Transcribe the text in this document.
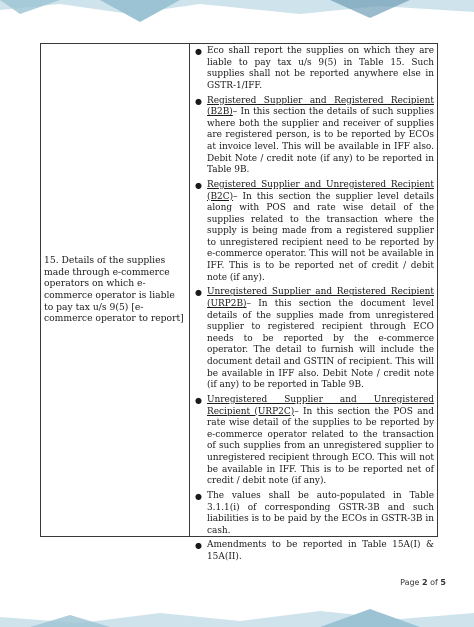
15. Details of the supplies made through e-commerce operators on which e-commerce operator is liable to pay tax u/s 9(5) [e-commerce operator to report]

● Eco shall report the supplies on which they are liable to pay tax u/s 9(5) in Table 15. Such supplies shall not be reported anywhere else in GSTR-1/IFF.
● Registered Supplier and Registered Recipient (B2B)– In this section the details of such supplies where both the supplier and receiver of supplies are registered person, is to be reported by ECOs at invoice level. This will be available in IFF also. Debit Note / credit note (if any) to be reported in Table 9B.
● Registered Supplier and Unregistered Recipient (B2C)– In this section the supplier level details along with POS and rate wise detail of the supplies related to the transaction where the supply is being made from a registered supplier to unregistered recipient need to be reported by e-commerce operator. This will not be available in IFF. This is to be reported net of credit / debit note (if any).
● Unregistered Supplier and Registered Recipient (URP2B)– In this section the document level details of the supplies made from unregistered supplier to registered recipient through ECO needs to be reported by the e-commerce operator. The detail to furnish will include the document detail and GSTIN of recipient. This will be available in IFF also. Debit Note / credit note (if any) to be reported in Table 9B.
● Unregistered Supplier and Unregistered Recipient (URP2C)– In this section the POS and rate wise detail of the supplies to be reported by e-commerce operator related to the transaction of such supplies from an unregistered supplier to unregistered recipient through ECO. This will not be available in IFF. This is to be reported net of credit / debit note (if any).
● The values shall be auto-populated in Table 3.1.1(i) of corresponding GSTR-3B and such liabilities is to be paid by the ECOs in GSTR-3B in cash.
● Amendments to be reported in Table 15A(I) & 15A(II).
Page 2 of 5
